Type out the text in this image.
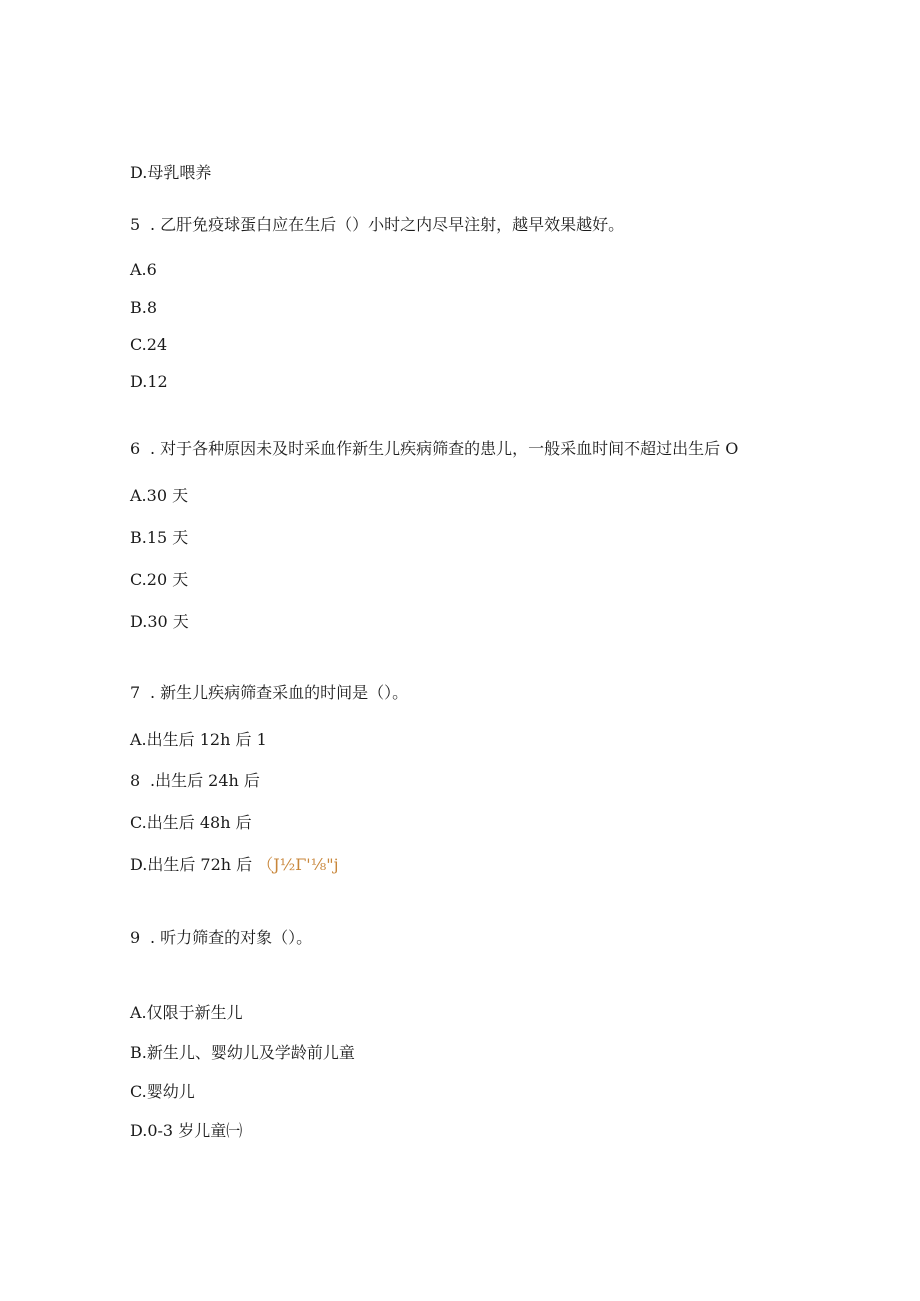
D.母乳喂养
5 . 乙肝免疫球蛋白应在生后（）小时之内尽早注射，越早效果越好。
A.6
B.8
C.24
D.12
6 . 对于各种原因未及时采血作新生儿疾病筛查的患儿，一般采血时间不超过出生后 O
A.30 天
B.15 天
C.20 天
D.30 天
7 . 新生儿疾病筛查采血的时间是（）。
A.出生后 12h 后 1
8 .出生后 24h 后
C.出生后 48h 后
D.出生后 72h 后 （J½Γ'⅛"j
9 . 听力筛查的对象（）。
A.仅限于新生儿
B.新生儿、婴幼儿及学龄前儿童
C.婴幼儿
D.0-3 岁儿童㈠
